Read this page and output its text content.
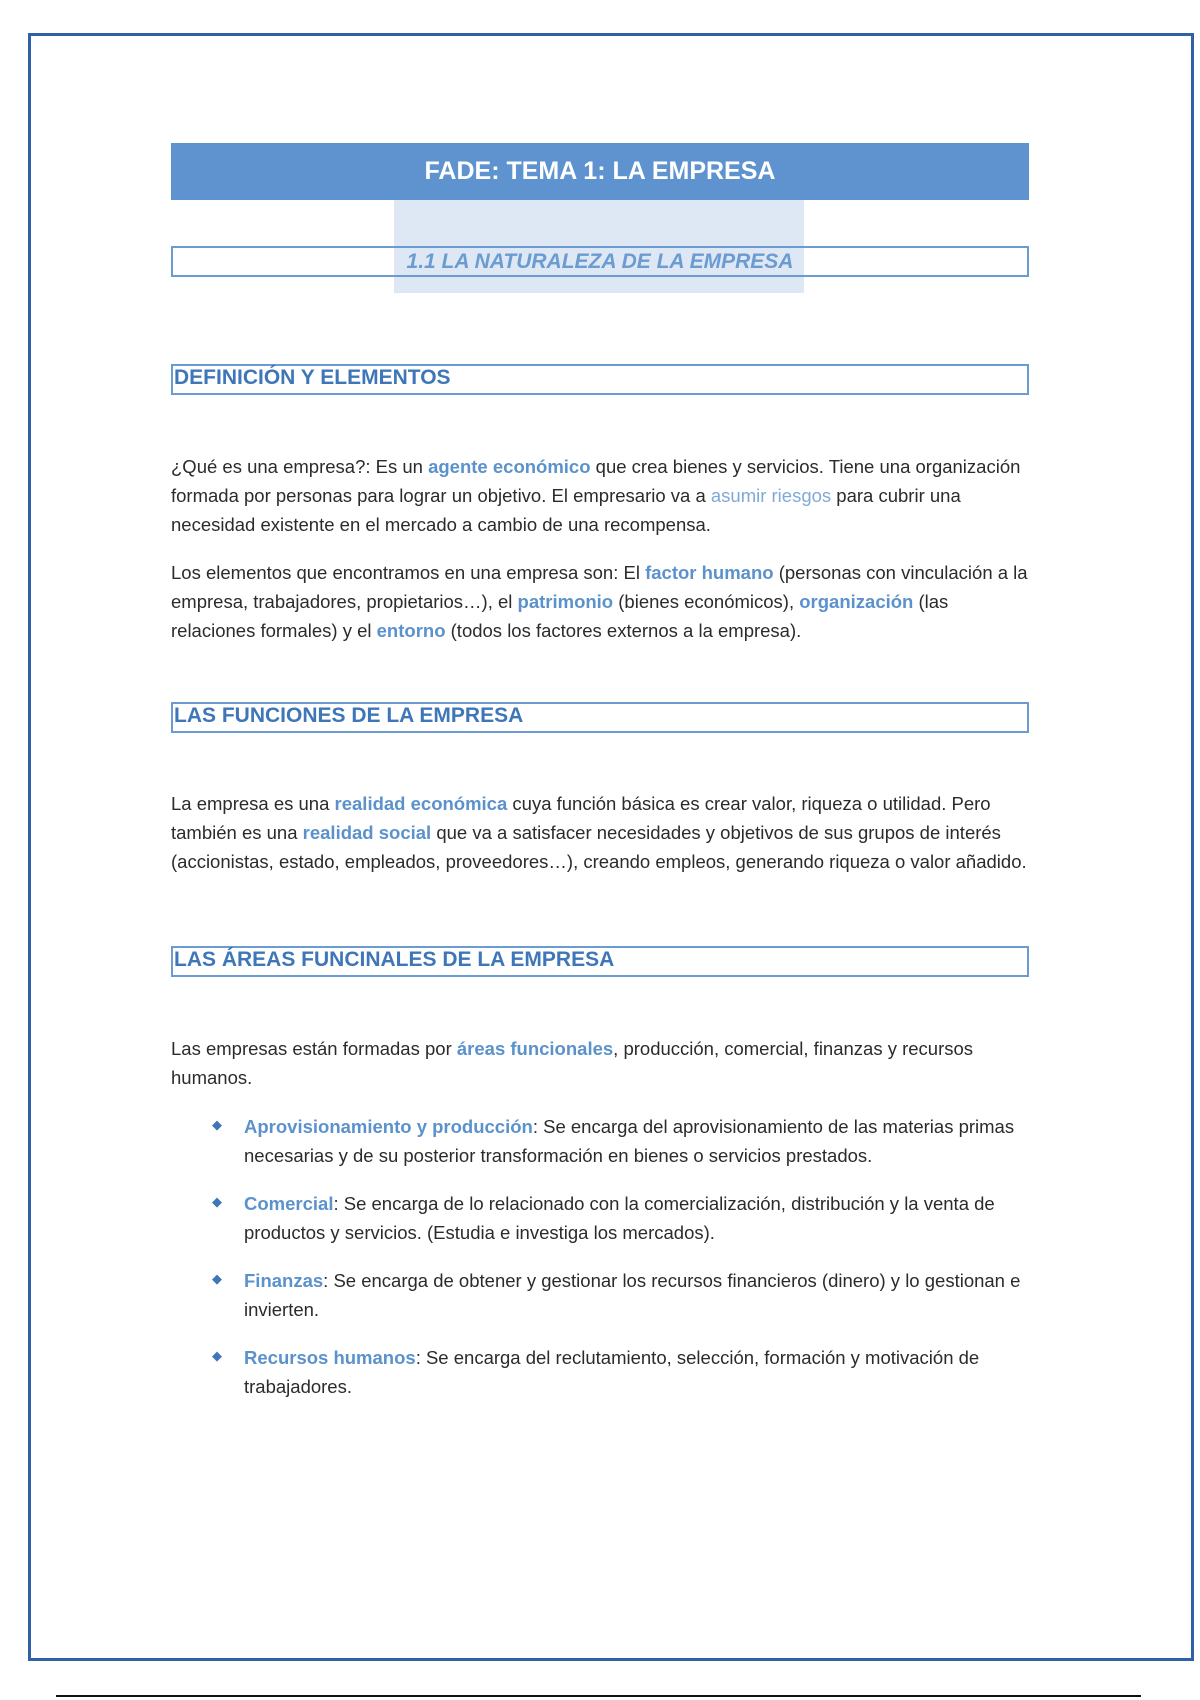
FADE: TEMA 1: LA EMPRESA
1.1 LA NATURALEZA DE LA EMPRESA
DEFINICIÓN Y ELEMENTOS

¿Qué es una empresa?: Es un agente económico que crea bienes y servicios. Tiene una organización formada por personas para lograr un objetivo. El empresario va a asumir riesgos para cubrir una necesidad existente en el mercado a cambio de una recompensa.

Los elementos que encontramos en una empresa son: El factor humano (personas con vinculación a la empresa, trabajadores, propietarios…), el patrimonio (bienes económicos), organización (las relaciones formales) y el entorno (todos los factores externos a la empresa).

LAS FUNCIONES DE LA EMPRESA

La empresa es una realidad económica cuya función básica es crear valor, riqueza o utilidad. Pero también es una realidad social que va a satisfacer necesidades y objetivos de sus grupos de interés (accionistas, estado, empleados, proveedores…), creando empleos, generando riqueza o valor añadido.

LAS ÁREAS FUNCINALES DE LA EMPRESA

Las empresas están formadas por áreas funcionales, producción, comercial, finanzas y recursos humanos.

◆ Aprovisionamiento y producción: Se encarga del aprovisionamiento de las materias primas necesarias y de su posterior transformación en bienes o servicios prestados.
◆ Comercial: Se encarga de lo relacionado con la comercialización, distribución y la venta de productos y servicios. (Estudia e investiga los mercados).
◆ Finanzas: Se encarga de obtener y gestionar los recursos financieros (dinero) y lo gestionan e invierten.
◆ Recursos humanos: Se encarga del reclutamiento, selección, formación y motivación de trabajadores.
